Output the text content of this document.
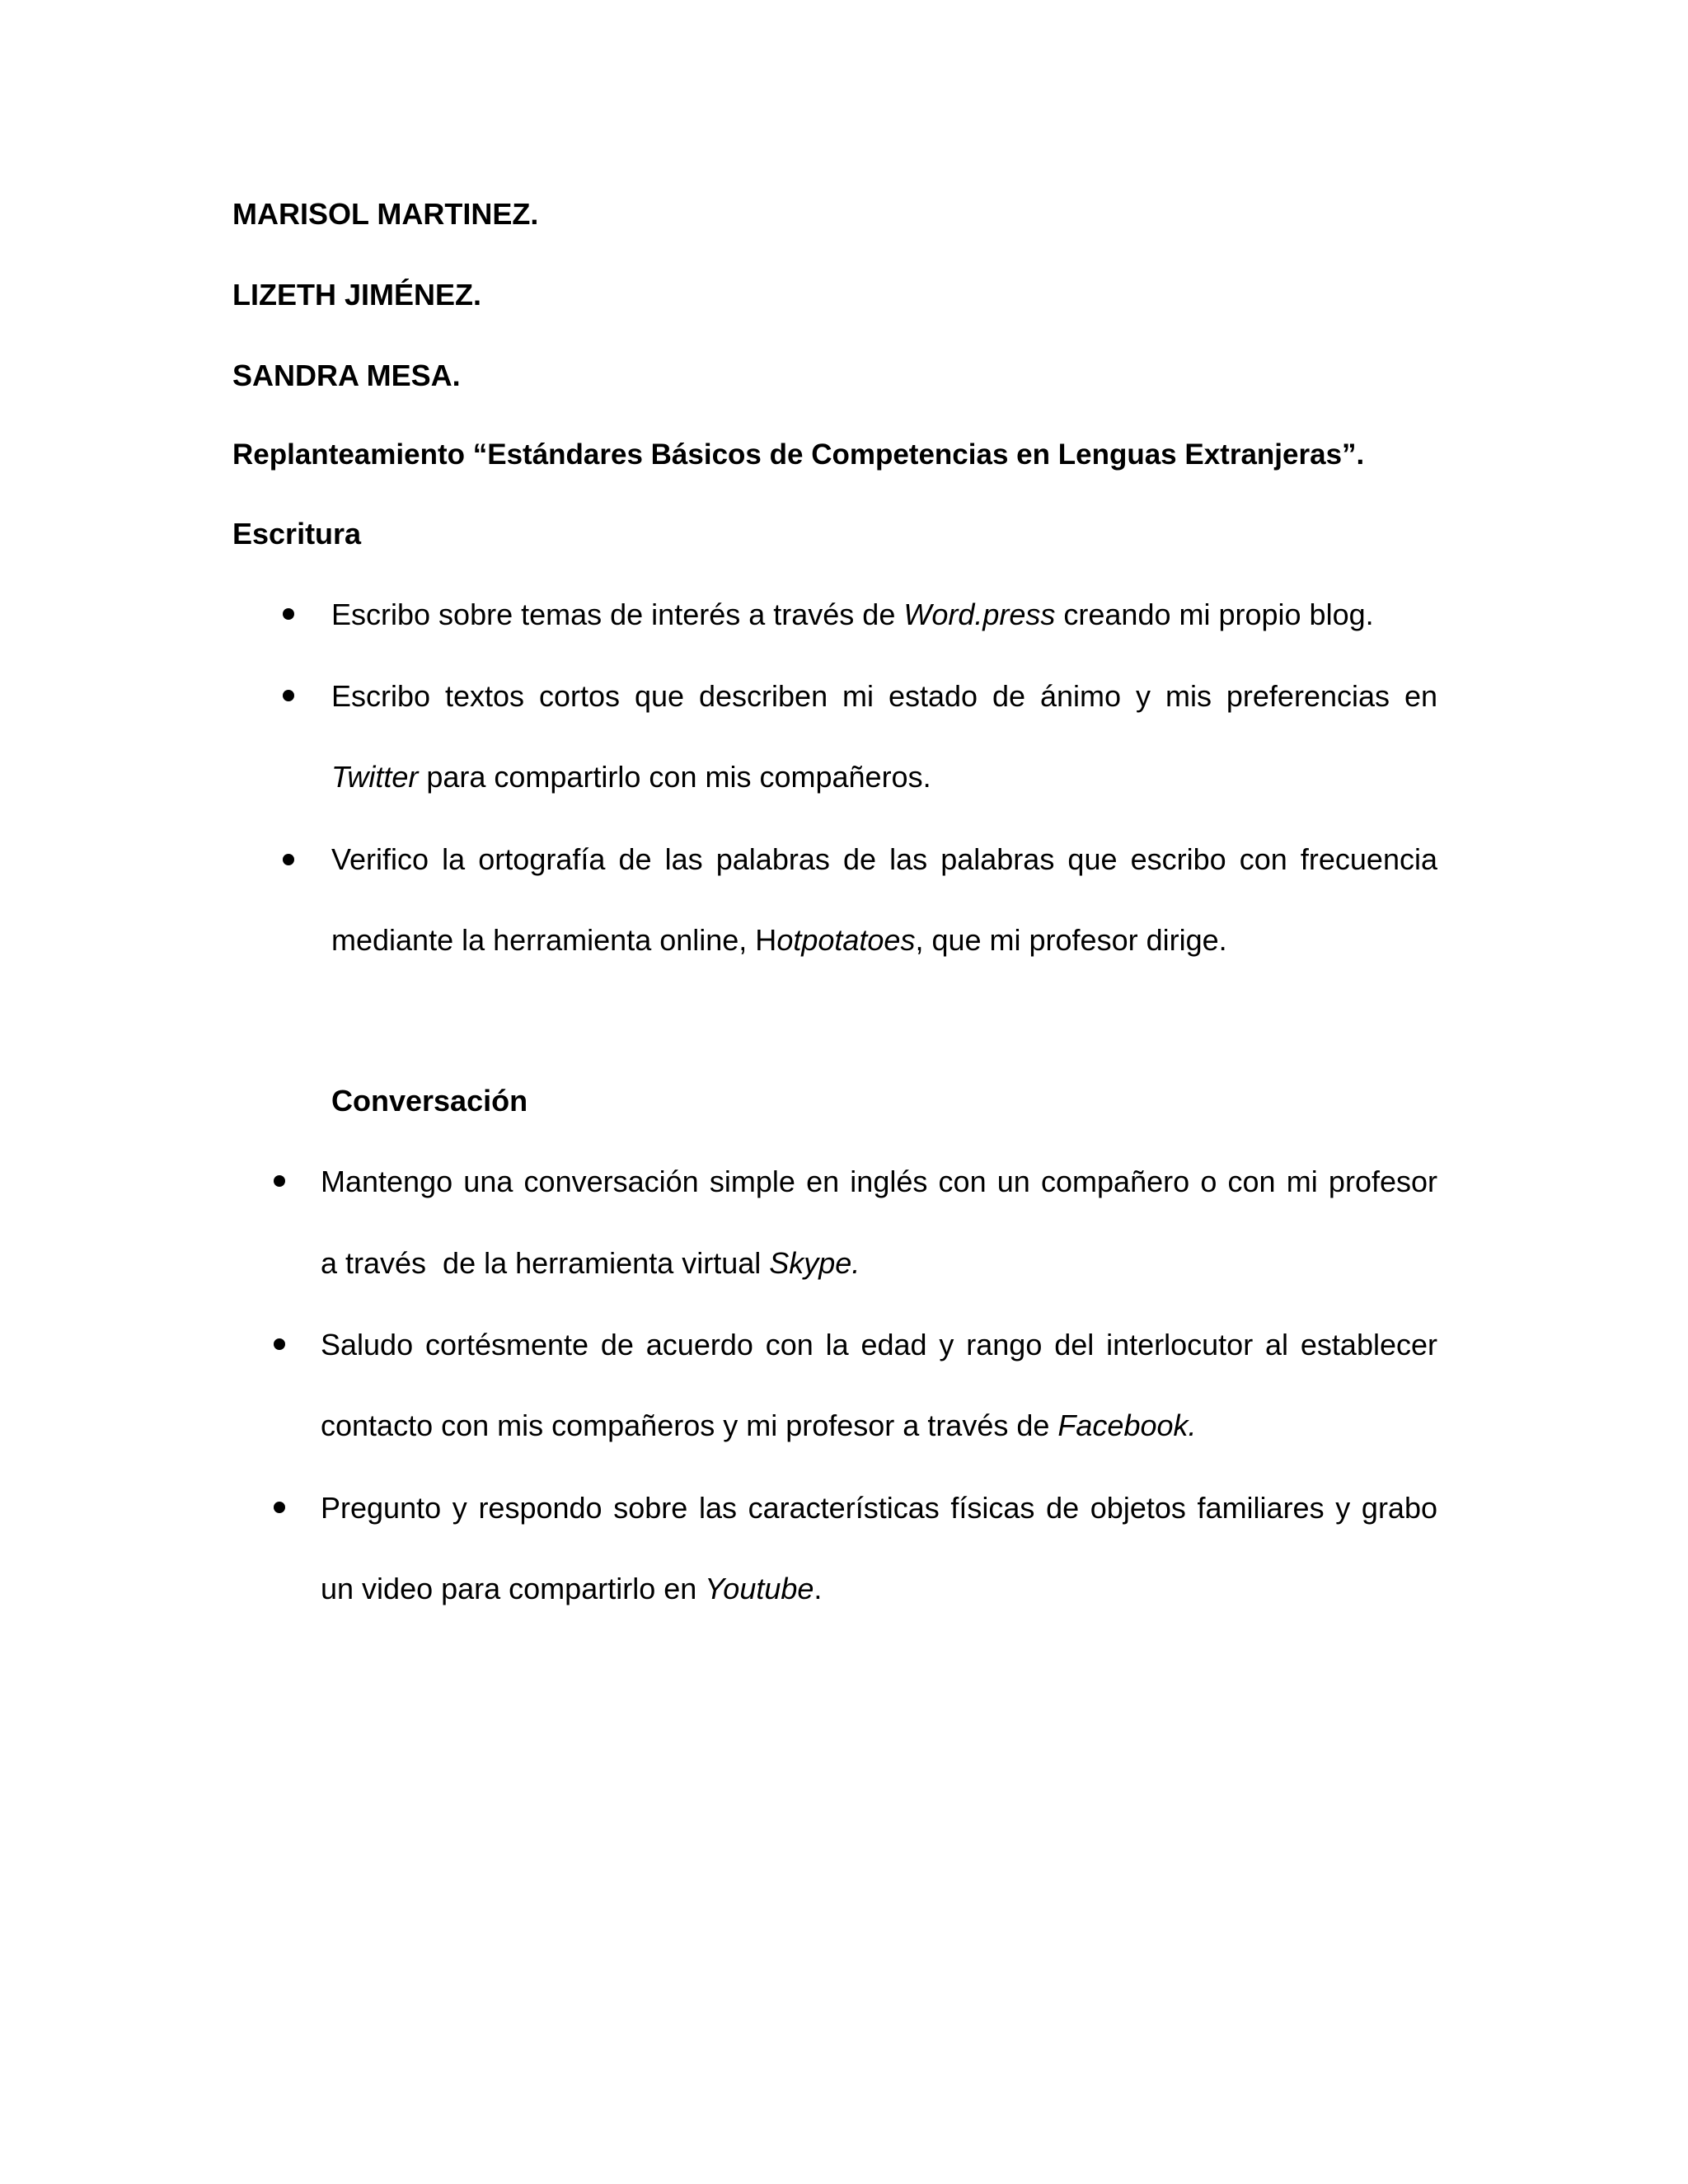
MARISOL MARTINEZ.
LIZETH JIMÉNEZ.
SANDRA MESA.
Replanteamiento “Estándares Básicos de Competencias en Lenguas Extranjeras”.
Escritura
Escribo sobre temas de interés a través de Word.press creando mi propio blog.
Escribo textos cortos que describen mi estado de ánimo y mis preferencias en
Twitter para compartirlo con mis compañeros.
Verifico la ortografía de las palabras de las palabras que escribo con frecuencia
mediante la herramienta online, Hotpotatoes, que mi profesor dirige.
Conversación
Mantengo una conversación simple en inglés con un compañero o con mi profesor
a través  de la herramienta virtual Skype.
Saludo cortésmente de acuerdo con la edad y rango del interlocutor al establecer
contacto con mis compañeros y mi profesor a través de Facebook.
Pregunto y respondo sobre las características físicas de objetos familiares y grabo
un video para compartirlo en Youtube.
